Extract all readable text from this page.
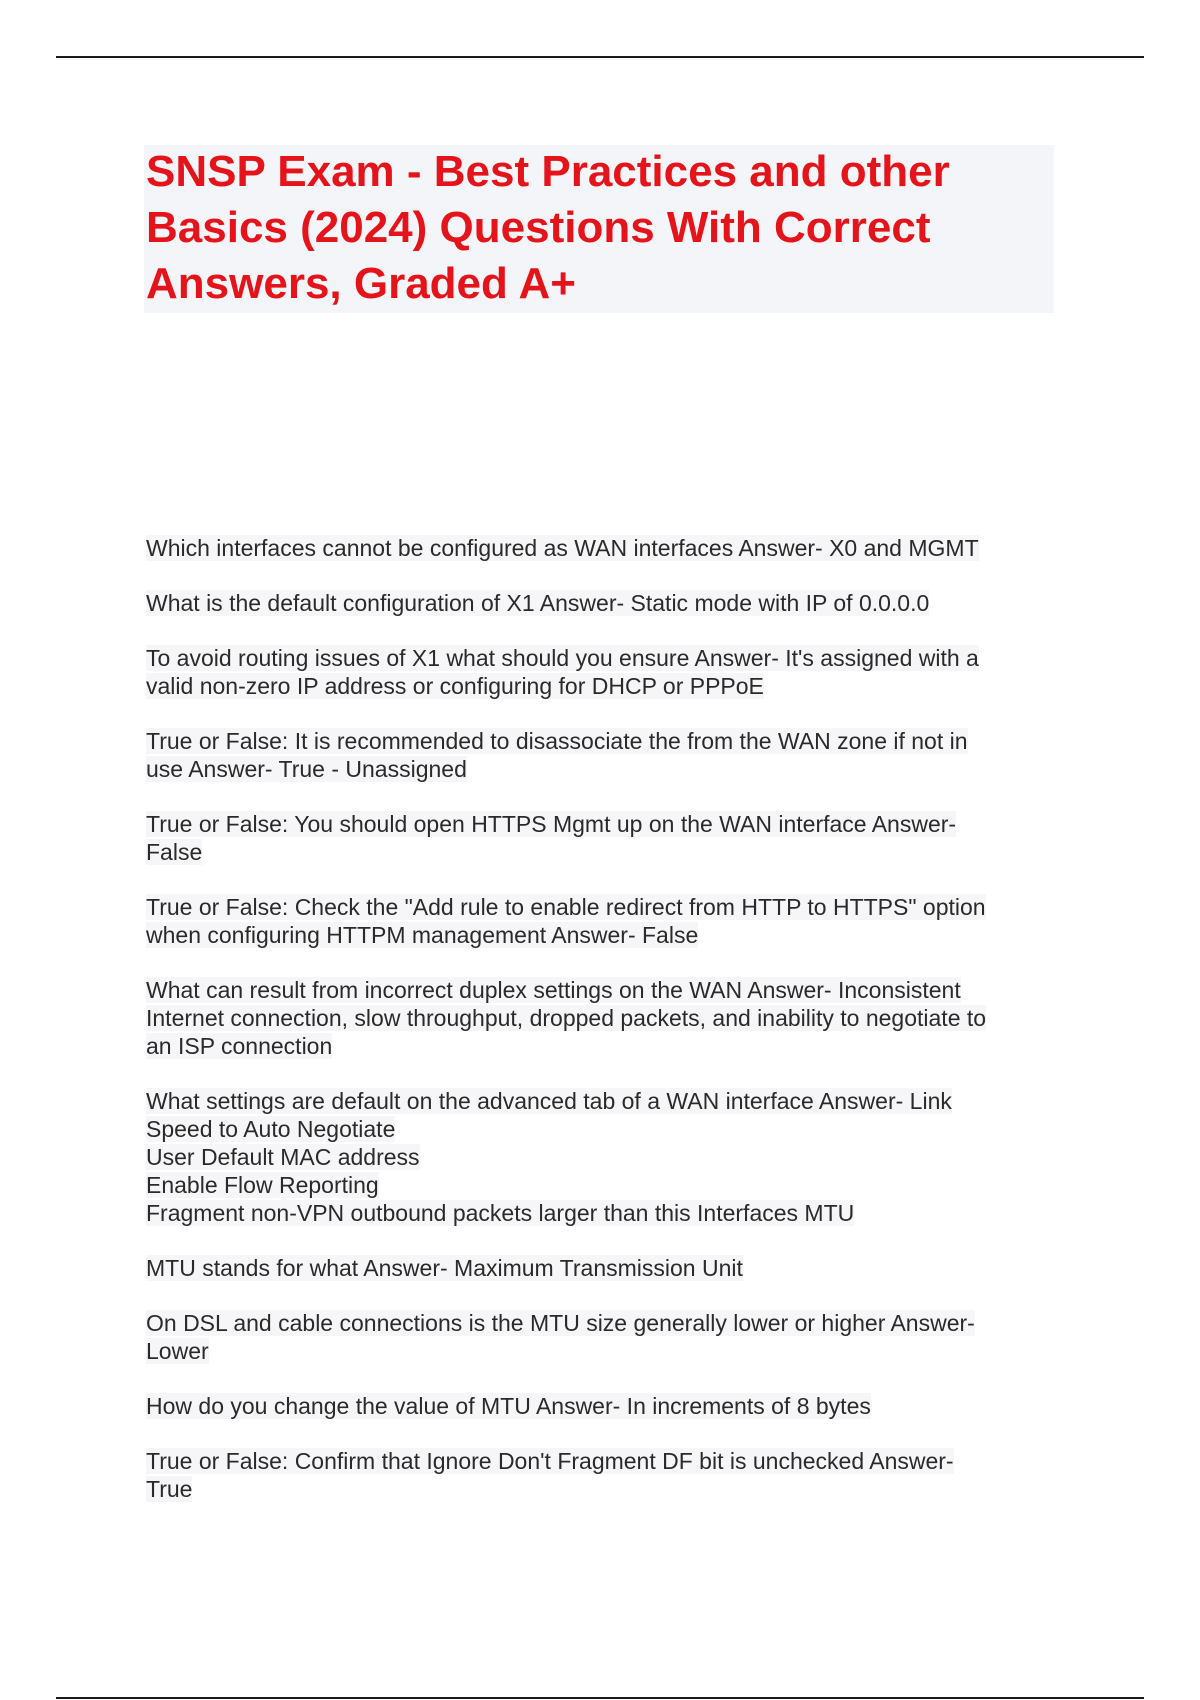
SNSP Exam - Best Practices and other
Basics (2024) Questions With Correct
Answers, Graded A+

Which interfaces cannot be configured as WAN interfaces Answer- X0 and MGMT

What is the default configuration of X1 Answer- Static mode with IP of 0.0.0.0

To avoid routing issues of X1 what should you ensure Answer- It's assigned with a
valid non-zero IP address or configuring for DHCP or PPPoE

True or False: It is recommended to disassociate the from the WAN zone if not in
use Answer- True - Unassigned

True or False: You should open HTTPS Mgmt up on the WAN interface Answer-
False

True or False: Check the "Add rule to enable redirect from HTTP to HTTPS" option
when configuring HTTPM management Answer- False

What can result from incorrect duplex settings on the WAN Answer- Inconsistent
Internet connection, slow throughput, dropped packets, and inability to negotiate to
an ISP connection

What settings are default on the advanced tab of a WAN interface Answer- Link
Speed to Auto Negotiate
User Default MAC address
Enable Flow Reporting
Fragment non-VPN outbound packets larger than this Interfaces MTU

MTU stands for what Answer- Maximum Transmission Unit

On DSL and cable connections is the MTU size generally lower or higher Answer-
Lower

How do you change the value of MTU Answer- In increments of 8 bytes

True or False: Confirm that Ignore Don't Fragment DF bit is unchecked Answer-
True
